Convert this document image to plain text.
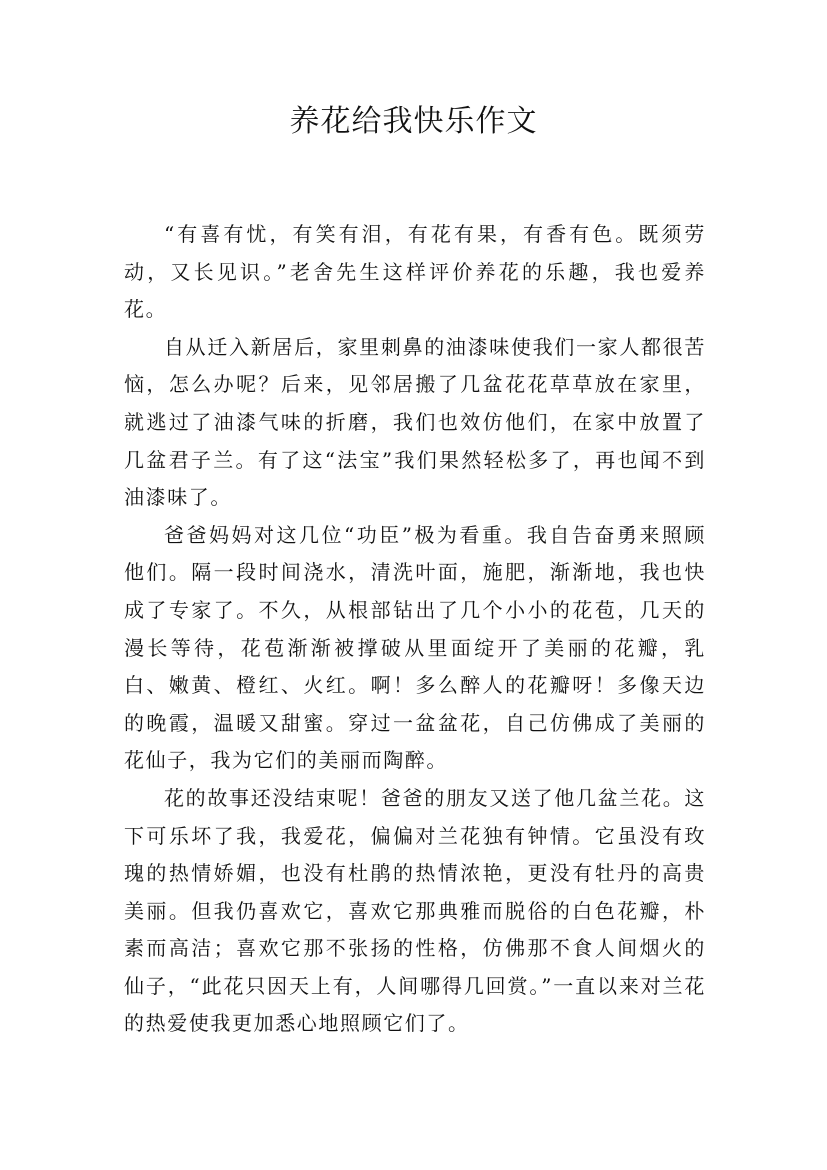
养花给我快乐作文

“有喜有忧，有笑有泪，有花有果，有香有色。既须劳动，又长见识。”老舍先生这样评价养花的乐趣，我也爱养花。

自从迁入新居后，家里刺鼻的油漆味使我们一家人都很苦恼，怎么办呢？后来，见邻居搬了几盆花花草草放在家里，就逃过了油漆气味的折磨，我们也效仿他们，在家中放置了几盆君子兰。有了这“法宝”我们果然轻松多了，再也闻不到油漆味了。

爸爸妈妈对这几位“功臣”极为看重。我自告奋勇来照顾他们。隔一段时间浇水，清洗叶面，施肥，渐渐地，我也快成了专家了。不久，从根部钻出了几个小小的花苞，几天的漫长等待，花苞渐渐被撑破从里面绽开了美丽的花瓣，乳白、嫩黄、橙红、火红。啊！多么醉人的花瓣呀！多像天边的晚霞，温暖又甜蜜。穿过一盆盆花，自己仿佛成了美丽的花仙子，我为它们的美丽而陶醉。

花的故事还没结束呢！爸爸的朋友又送了他几盆兰花。这下可乐坏了我，我爱花，偏偏对兰花独有钟情。它虽没有玫瑰的热情娇媚，也没有杜鹃的热情浓艳，更没有牡丹的高贵美丽。但我仍喜欢它，喜欢它那典雅而脱俗的白色花瓣，朴素而高洁；喜欢它那不张扬的性格，仿佛那不食人间烟火的仙子，“此花只因天上有，人间哪得几回赏。”一直以来对兰花的热爱使我更加悉心地照顾它们了。
